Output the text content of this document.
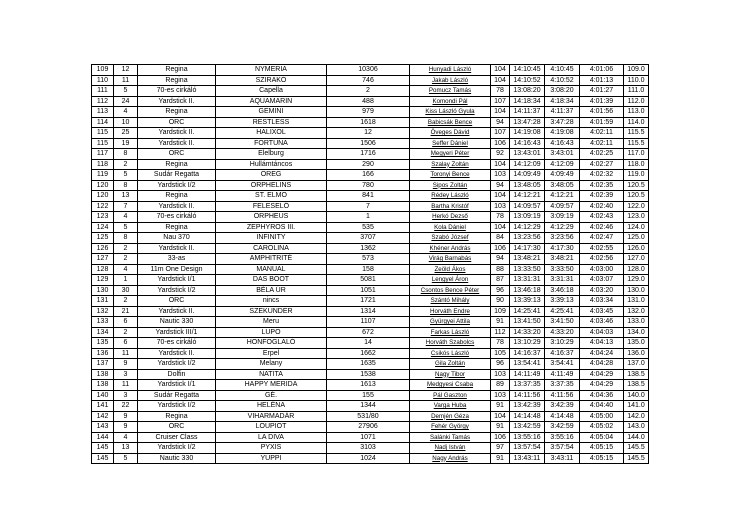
109	12	Regina	NYMERIA	10306	Hunyadi László	104	14:10:45	4:10:45	4:01:06	109.0
110	11	Regina	SZIRAKÓ	746	Jakab László	104	14:10:52	4:10:52	4:01:13	110.0
111	5	70-es cirkáló	Capella	2	Pomucz Tamás	78	13:08:20	3:08:20	4:01:27	111.0
112	24	Yardstick II.	AQUAMARIN	488	Komondi Pál	107	14:18:34	4:18:34	4:01:39	112.0
113	4	Regina	GEMINI	979	Kiss László Gyula	104	14:11:37	4:11:37	4:01:56	113.0
114	10	ORC	RESTLESS	1618	Babicsák Bence	94	13:47:28	3:47:28	4:01:59	114.0
115	25	Yardstick II.	HALIXOL	12	Öveges Dávid	107	14:19:08	4:19:08	4:02:11	115.5
115	19	Yardstick II.	FORTUNA	1506	Seffer Dániel	106	14:16:43	4:16:43	4:02:11	115.5
117	8	ORC	Elelburg	1716	Megyeri Péter	92	13:43:01	3:43:01	4:02:25	117.0
118	2	Regina	Hullámtáncos	290	Szalay Zoltán	104	14:12:09	4:12:09	4:02:27	118.0
119	5	Sudár Regatta	ÖREG	166	Toronyi Bence	103	14:09:49	4:09:49	4:02:32	119.0
120	8	Yardstick I/2	ORPHELINS	780	Sipos Zoltán	94	13:48:05	3:48:05	4:02:35	120.5
120	13	Regina	ST. ELMO	841	Rédey László	104	14:12:21	4:12:21	4:02:39	120.5
122	7	Yardstick II.	FELESELŐ	7	Bartha Kristóf	103	14:09:57	4:09:57	4:02:40	122.0
123	4	70-es cirkáló	ORPHEUS	1	Herkó Dezső	78	13:09:19	3:09:19	4:02:43	123.0
124	5	Regina	ZEPHYROS III.	535	Kola Dániel	104	14:12:29	4:12:29	4:02:46	124.0
125	8	Nau 370	INFINITY	3707	Szabó József	84	13:23:56	3:23:56	4:02:47	125.0
126	2	Yardstick II.	CAROLINA	1362	Khéner András	106	14:17:30	4:17:30	4:02:55	126.0
127	2	33-as	AMPHITRITÉ	573	Virág Barnabás	94	13:48:21	3:48:21	4:02:56	127.0
128	4	11m One Design	MANUAL	158	Zeöld Ákos	88	13:33:50	3:33:50	4:03:00	128.0
129	1	Yardstick I/1	DAS BOOT	5081	Lengyel Áron	87	13:31:31	3:31:31	4:03:07	129.0
130	30	Yardstick I/2	BÉLA ÚR	1051	Csontos Bence Péter	96	13:46:18	3:46:18	4:03:20	130.0
131	2	ORC	nincs	1721	Szántó Mihály	90	13:39:13	3:39:13	4:03:34	131.0
132	21	Yardstick II.	SZEKUNDER	1314	Horváth Endre	109	14:25:41	4:25:41	4:03:45	132.0
133	6	Nautic 330	Meru	1107	Gyürgyei Attila	91	13:41:50	3:41:50	4:03:46	133.0
134	2	Yardstick III/1	LUPO	672	Farkas László	112	14:33:20	4:33:20	4:04:03	134.0
135	6	70-es cirkáló	HONFOGLALÓ	14	Horváth Szabolcs	78	13:10:29	3:10:29	4:04:13	135.0
136	11	Yardstick II.	Erpel	1662	Csikós László	105	14:16:37	4:16:37	4:04:24	136.0
137	9	Yardstick I/2	Melany	1635	Gila Zoltán	96	13:54:41	3:54:41	4:04:28	137.0
138	3	Dolfin	NATITA	1538	Nagy Tibor	103	14:11:49	4:11:49	4:04:29	138.5
138	11	Yardstick I/1	HAPPY MERIDA	1613	Medgyesi Csaba	89	13:37:35	3:37:35	4:04:29	138.5
140	3	Sudár Regatta	GÉ.	155	Pál Gaszton	103	14:11:56	4:11:56	4:04:36	140.0
141	22	Yardstick I/2	HELÉNA	1344	Varga Huba	91	13:42:39	3:42:39	4:04:40	141.0
142	9	Regina	VIHARMADÁR	531/80	Demjén Géza	104	14:14:48	4:14:48	4:05:00	142.0
143	9	ORC	LOUPIOT	27906	Fehér György	91	13:42:59	3:42:59	4:05:02	143.0
144	4	Cruiser Class	LA DIVA	1071	Salánki Tamás	106	13:55:16	3:55:16	4:05:04	144.0
145	13	Yardstick I/2	PYXIS	3103	Nadj István	97	13:57:54	3:57:54	4:05:15	145.5
145	5	Nautic 330	YUPPI	1024	Nagy András	91	13:43:11	3:43:11	4:05:15	145.5
